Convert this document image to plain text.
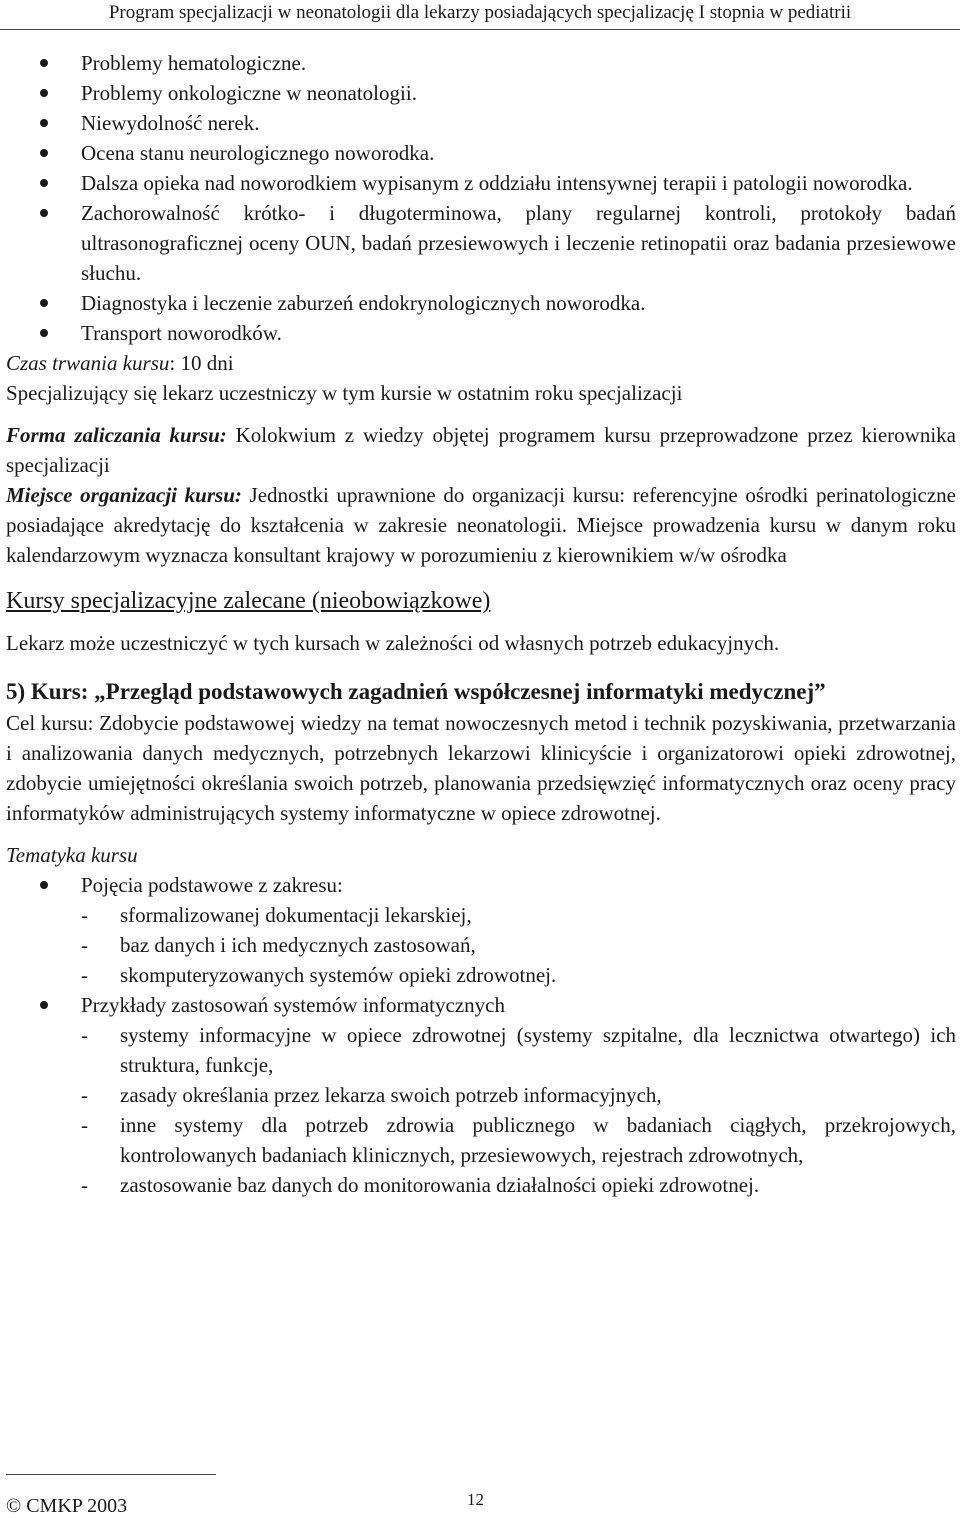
Program specjalizacji w neonatologii dla lekarzy posiadających specjalizację I stopnia w pediatrii
Problemy hematologiczne.
Problemy onkologiczne w neonatologii.
Niewydolność nerek.
Ocena stanu neurologicznego noworodka.
Dalsza opieka nad noworodkiem wypisanym z oddziału intensywnej terapii i patologii noworodka.
Zachorowalność krótko- i długoterminowa, plany regularnej kontroli, protokoły badań ultrasonograficznej oceny OUN, badań przesiewowych i leczenie retinopatii oraz badania przesiewowe słuchu.
Diagnostyka i leczenie zaburzeń endokrynologicznych noworodka.
Transport noworodków.
Czas trwania kursu: 10 dni
Specjalizujący się lekarz uczestniczy w tym kursie w ostatnim roku specjalizacji
Forma zaliczania kursu: Kolokwium z wiedzy objętej programem kursu przeprowadzone przez kierownika specjalizacji
Miejsce organizacji kursu: Jednostki uprawnione do organizacji kursu: referencyjne ośrodki perinatologiczne posiadające akredytację do kształcenia w zakresie neonatologii. Miejsce prowadzenia kursu w danym roku kalendarzowym wyznacza konsultant krajowy w porozumieniu z kierownikiem w/w ośrodka
Kursy specjalizacyjne zalecane (nieobowiązkowe)
Lekarz może uczestniczyć w tych kursach w zależności od własnych potrzeb edukacyjnych.
5) Kurs: „Przegląd podstawowych zagadnień współczesnej informatyki medycznej”
Cel kursu: Zdobycie podstawowej wiedzy na temat nowoczesnych metod i technik pozyskiwania, przetwarzania i analizowania danych medycznych, potrzebnych lekarzowi klinicyście i organizatorowi opieki zdrowotnej, zdobycie umiejętności określania swoich potrzeb, planowania przedsięwzięć informatycznych oraz oceny pracy informatyków administrujących systemy informatyczne w opiece zdrowotnej.
Tematyka kursu
Pojęcia podstawowe z zakresu:
- sformalizowanej dokumentacji lekarskiej,
- baz danych i ich medycznych zastosowań,
- skomputeryzowanych systemów opieki zdrowotnej.
Przykłady zastosowań systemów informatycznych
- systemy informacyjne w opiece zdrowotnej (systemy szpitalne, dla lecznictwa otwartego) ich struktura, funkcje,
- zasady określania przez lekarza swoich potrzeb informacyjnych,
- inne systemy dla potrzeb zdrowia publicznego w badaniach ciągłych, przekrojowych, kontrolowanych badaniach klinicznych, przesiewowych, rejestrach zdrowotnych,
- zastosowanie baz danych do monitorowania działalności opieki zdrowotnej.
© CMKP 2003	12
